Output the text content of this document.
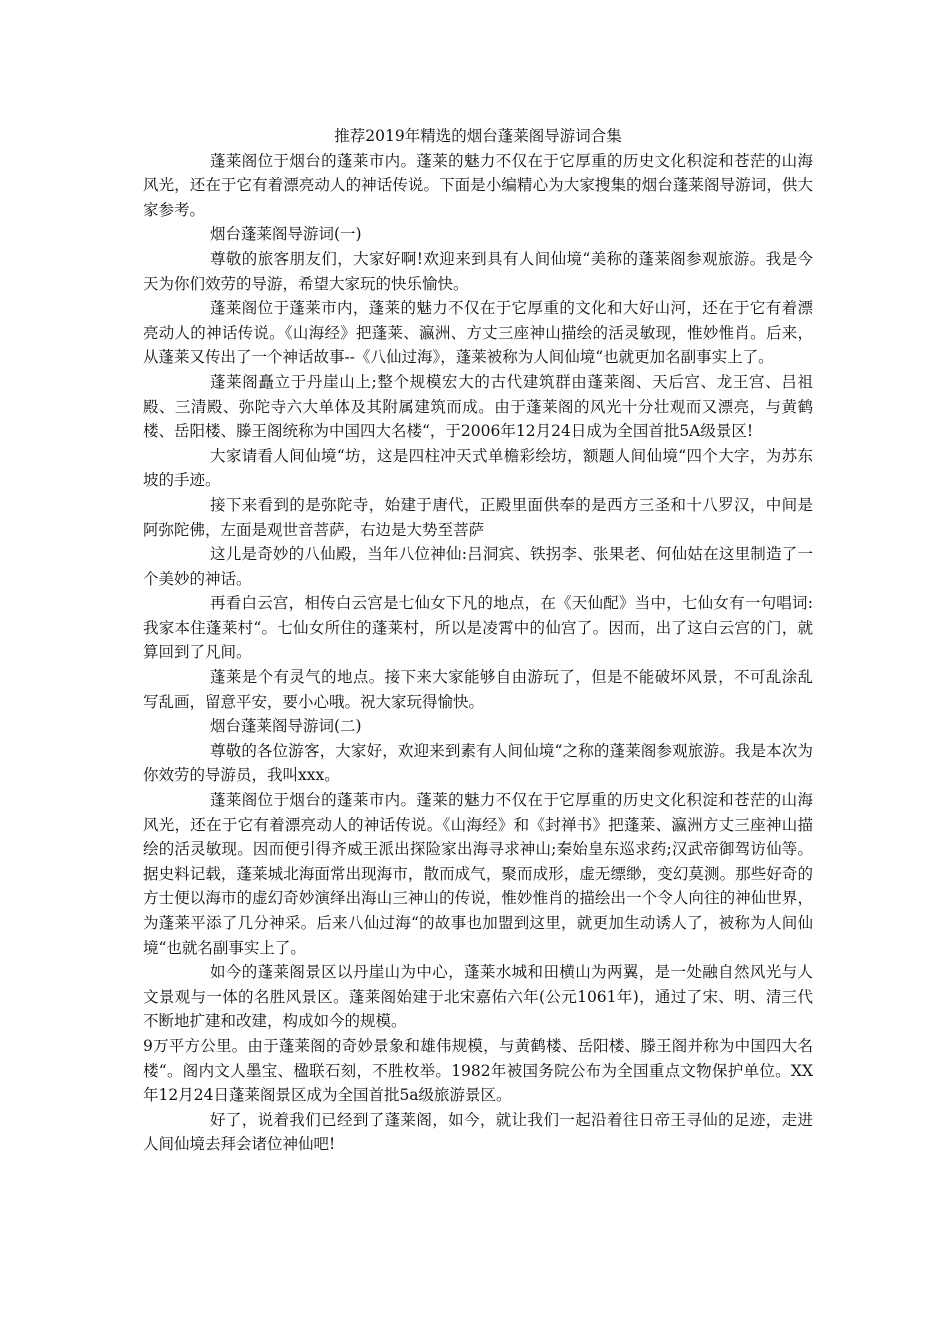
推荐2019年精选的烟台蓬莱阁导游词合集

蓬莱阁位于烟台的蓬莱市内。蓬莱的魅力不仅在于它厚重的历史文化积淀和苍茫的山海风光，还在于它有着漂亮动人的神话传说。下面是小编精心为大家搜集的烟台蓬莱阁导游词，供大家参考。

烟台蓬莱阁导游词(一)

尊敬的旅客朋友们，大家好啊!欢迎来到具有人间仙境“美称的蓬莱阁参观旅游。我是今天为你们效劳的导游，希望大家玩的快乐愉快。

蓬莱阁位于蓬莱市内，蓬莱的魅力不仅在于它厚重的文化和大好山河，还在于它有着漂亮动人的神话传说。《山海经》把蓬莱、瀛洲、方丈三座神山描绘的活灵敏现，惟妙惟肖。后来，从蓬莱又传出了一个神话故事--《八仙过海》，蓬莱被称为人间仙境“也就更加名副事实上了。

蓬莱阁矗立于丹崖山上;整个规模宏大的古代建筑群由蓬莱阁、天后宫、龙王宫、吕祖殿、三清殿、弥陀寺六大单体及其附属建筑而成。由于蓬莱阁的风光十分壮观而又漂亮，与黄鹤楼、岳阳楼、滕王阁统称为中国四大名楼“，于2006年12月24日成为全国首批5A级景区!

大家请看人间仙境“坊，这是四柱冲天式单檐彩绘坊，额题人间仙境“四个大字，为苏东坡的手迹。

接下来看到的是弥陀寺，始建于唐代，正殿里面供奉的是西方三圣和十八罗汉，中间是阿弥陀佛，左面是观世音菩萨，右边是大势至菩萨

这儿是奇妙的八仙殿，当年八位神仙:吕洞宾、铁拐李、张果老、何仙姑在这里制造了一个美妙的神话。

再看白云宫，相传白云宫是七仙女下凡的地点，在《天仙配》当中，七仙女有一句唱词:我家本住蓬莱村“。七仙女所住的蓬莱村，所以是凌霄中的仙宫了。因而，出了这白云宫的门，就算回到了凡间。

蓬莱是个有灵气的地点。接下来大家能够自由游玩了，但是不能破坏风景，不可乱涂乱写乱画，留意平安，要小心哦。祝大家玩得愉快。

烟台蓬莱阁导游词(二)

尊敬的各位游客，大家好，欢迎来到素有人间仙境“之称的蓬莱阁参观旅游。我是本次为你效劳的导游员，我叫xxx。

蓬莱阁位于烟台的蓬莱市内。蓬莱的魅力不仅在于它厚重的历史文化积淀和苍茫的山海风光，还在于它有着漂亮动人的神话传说。《山海经》和《封禅书》把蓬莱、瀛洲方丈三座神山描绘的活灵敏现。因而便引得齐威王派出探险家出海寻求神山;秦始皇东巡求药;汉武帝御驾访仙等。据史料记载，蓬莱城北海面常出现海市，散而成气，聚而成形，虚无缥缈，变幻莫测。那些好奇的方士便以海市的虚幻奇妙演绎出海山三神山的传说，惟妙惟肖的描绘出一个令人向往的神仙世界，为蓬莱平添了几分神采。后来八仙过海“的故事也加盟到这里，就更加生动诱人了，被称为人间仙境“也就名副事实上了。

如今的蓬莱阁景区以丹崖山为中心，蓬莱水城和田横山为两翼，是一处融自然风光与人文景观与一体的名胜风景区。蓬莱阁始建于北宋嘉佑六年(公元1061年)，通过了宋、明、清三代不断地扩建和改建，构成如今的规模。

9万平方公里。由于蓬莱阁的奇妙景象和雄伟规模，与黄鹤楼、岳阳楼、滕王阁并称为中国四大名楼“。阁内文人墨宝、楹联石刻，不胜枚举。1982年被国务院公布为全国重点文物保护单位。XX年12月24日蓬莱阁景区成为全国首批5a级旅游景区。

好了，说着我们已经到了蓬莱阁，如今，就让我们一起沿着往日帝王寻仙的足迹，走进人间仙境去拜会诸位神仙吧!
